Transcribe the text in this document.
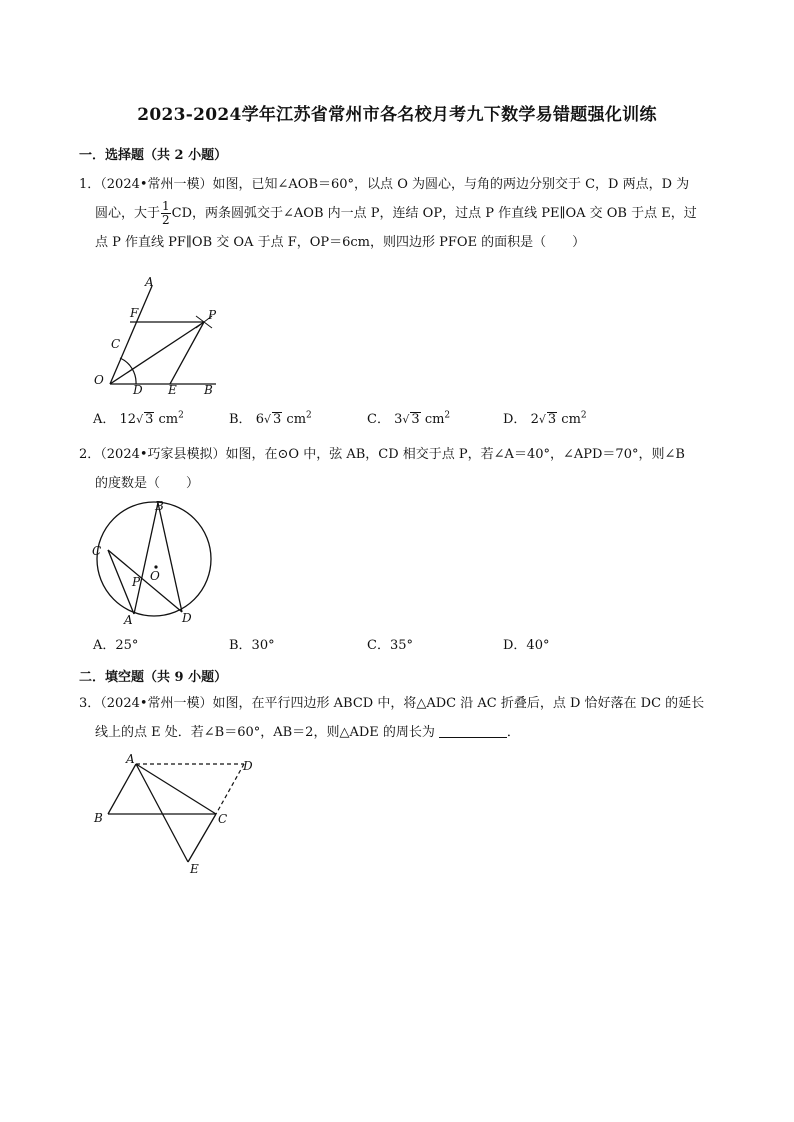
2023-2024学年江苏省常州市各名校月考九下数学易错题强化训练
一．选择题（共 2 小题）
1．（2024•常州一模）如图，已知∠AOB＝60°，以点 O 为圆心，与角的两边分别交于 C，D 两点，D 为
圆心，大于 $\frac{1}{2}$ CD，两条圆弧交于∠AOB 内一点 P，连结 OP，过点 P 作直线 PE∥OA 交 OB 于点 E，过
点 P 作直线 PF∥OB 交 OA 于点 F，OP＝6cm，则四边形 PFOE 的面积是（　　）
A
F	P
C
O
D E B
A． 12√ 3 $cm^2$	B． 6√ 3 $cm^2$	C． 3√ 3 $cm^2$	D． 2√ 3 $cm^2$
2．（2024•巧家县模拟）如图，在⊙O 中，弦 AB，CD 相交于点 P，若∠A＝40°，∠APD＝70°，则∠B
的度数是（　　）
B
C
O
P
A	D
A．25°	B．30°	C．35°	D．40°
二．填空题（共 9 小题）
3．（2024•常州一模）如图，在平行四边形 ABCD 中，将△ADC 沿 AC 折叠后，点 D 恰好落在 DC 的延长
线上的点 E 处．若∠B＝60°，AB＝2，则△ADE 的周长为	．
A	D
B	C
E
